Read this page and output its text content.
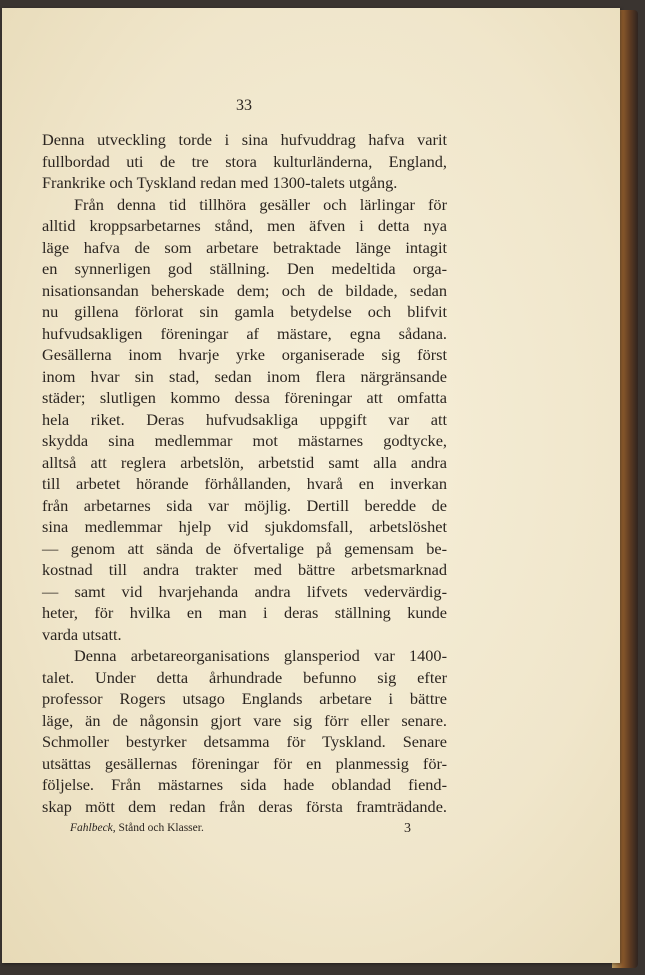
33
Denna utveckling torde i sina hufvuddrag hafva varit
fullbordad uti de tre stora kulturländerna, England,
Frankrike och Tyskland redan med 1300-talets utgång.
Från denna tid tillhöra gesäller och lärlingar för
alltid kroppsarbetarnes stånd, men äfven i detta nya
läge hafva de som arbetare betraktade länge intagit
en synnerligen god ställning. Den medeltida orga-
nisationsandan beherskade dem; och de bildade, sedan
nu gillena förlorat sin gamla betydelse och blifvit
hufvudsakligen föreningar af mästare, egna sådana.
Gesällerna inom hvarje yrke organiserade sig först
inom hvar sin stad, sedan inom flera närgränsande
städer; slutligen kommo dessa föreningar att omfatta
hela riket. Deras hufvudsakliga uppgift var att
skydda sina medlemmar mot mästarnes godtycke,
alltså att reglera arbetslön, arbetstid samt alla andra
till arbetet hörande förhållanden, hvarå en inverkan
från arbetarnes sida var möjlig. Dertill beredde de
sina medlemmar hjelp vid sjukdomsfall, arbetslöshet
— genom att sända de öfvertalige på gemensam be-
kostnad till andra trakter med bättre arbetsmarknad
— samt vid hvarjehanda andra lifvets vedervärdig-
heter, för hvilka en man i deras ställning kunde
varda utsatt.
Denna arbetareorganisations glansperiod var 1400-
talet. Under detta århundrade befunno sig efter
professor Rogers utsago Englands arbetare i bättre
läge, än de någonsin gjort vare sig förr eller senare.
Schmoller bestyrker detsamma för Tyskland. Senare
utsättas gesällernas föreningar för en planmessig för-
följelse. Från mästarnes sida hade oblandad fiend-
skap mött dem redan från deras första framträdande.
Fahlbeck, Stånd och Klasser.	3
